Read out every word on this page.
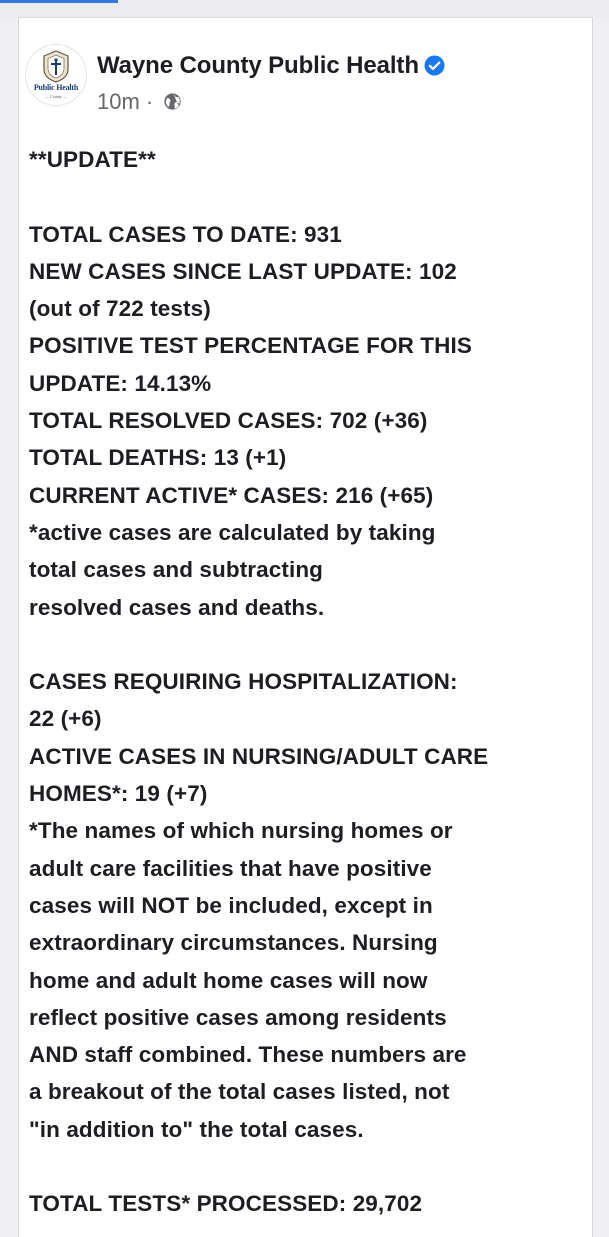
Public Health
— County —
Wayne County Public Health
10m ·
**UPDATE**
TOTAL CASES TO DATE: 931
NEW CASES SINCE LAST UPDATE: 102
(out of 722 tests)
POSITIVE TEST PERCENTAGE FOR THIS
UPDATE: 14.13%
TOTAL RESOLVED CASES: 702 (+36)
TOTAL DEATHS: 13 (+1)
CURRENT ACTIVE* CASES: 216 (+65)
*active cases are calculated by taking
total cases and subtracting
resolved cases and deaths.
CASES REQUIRING HOSPITALIZATION:
22 (+6)
ACTIVE CASES IN NURSING/ADULT CARE
HOMES*: 19 (+7)
*The names of which nursing homes or
adult care facilities that have positive
cases will NOT be included, except in
extraordinary circumstances. Nursing
home and adult home cases will now
reflect positive cases among residents
AND staff combined. These numbers are
a breakout of the total cases listed, not
"in addition to" the total cases.
TOTAL TESTS* PROCESSED: 29,702
